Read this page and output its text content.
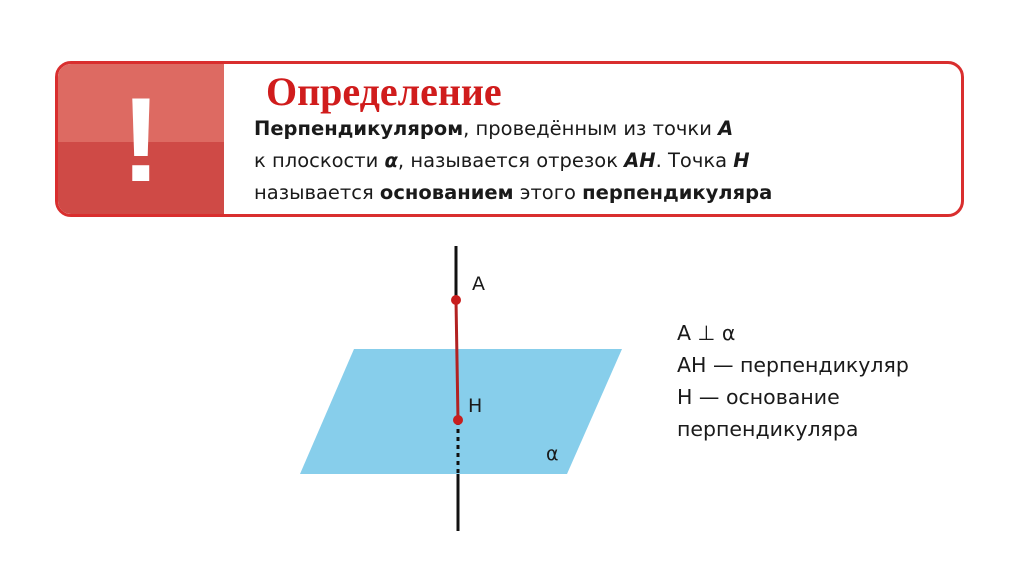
!	Определение
Перпендикуляром, проведённым из точки A
к плоскости α, называется отрезок AH. Точка H
называется основанием этого перпендикуляра
A
H
α
A ⊥ α
AH — перпендикуляр
H — основание
перпендикуляра
